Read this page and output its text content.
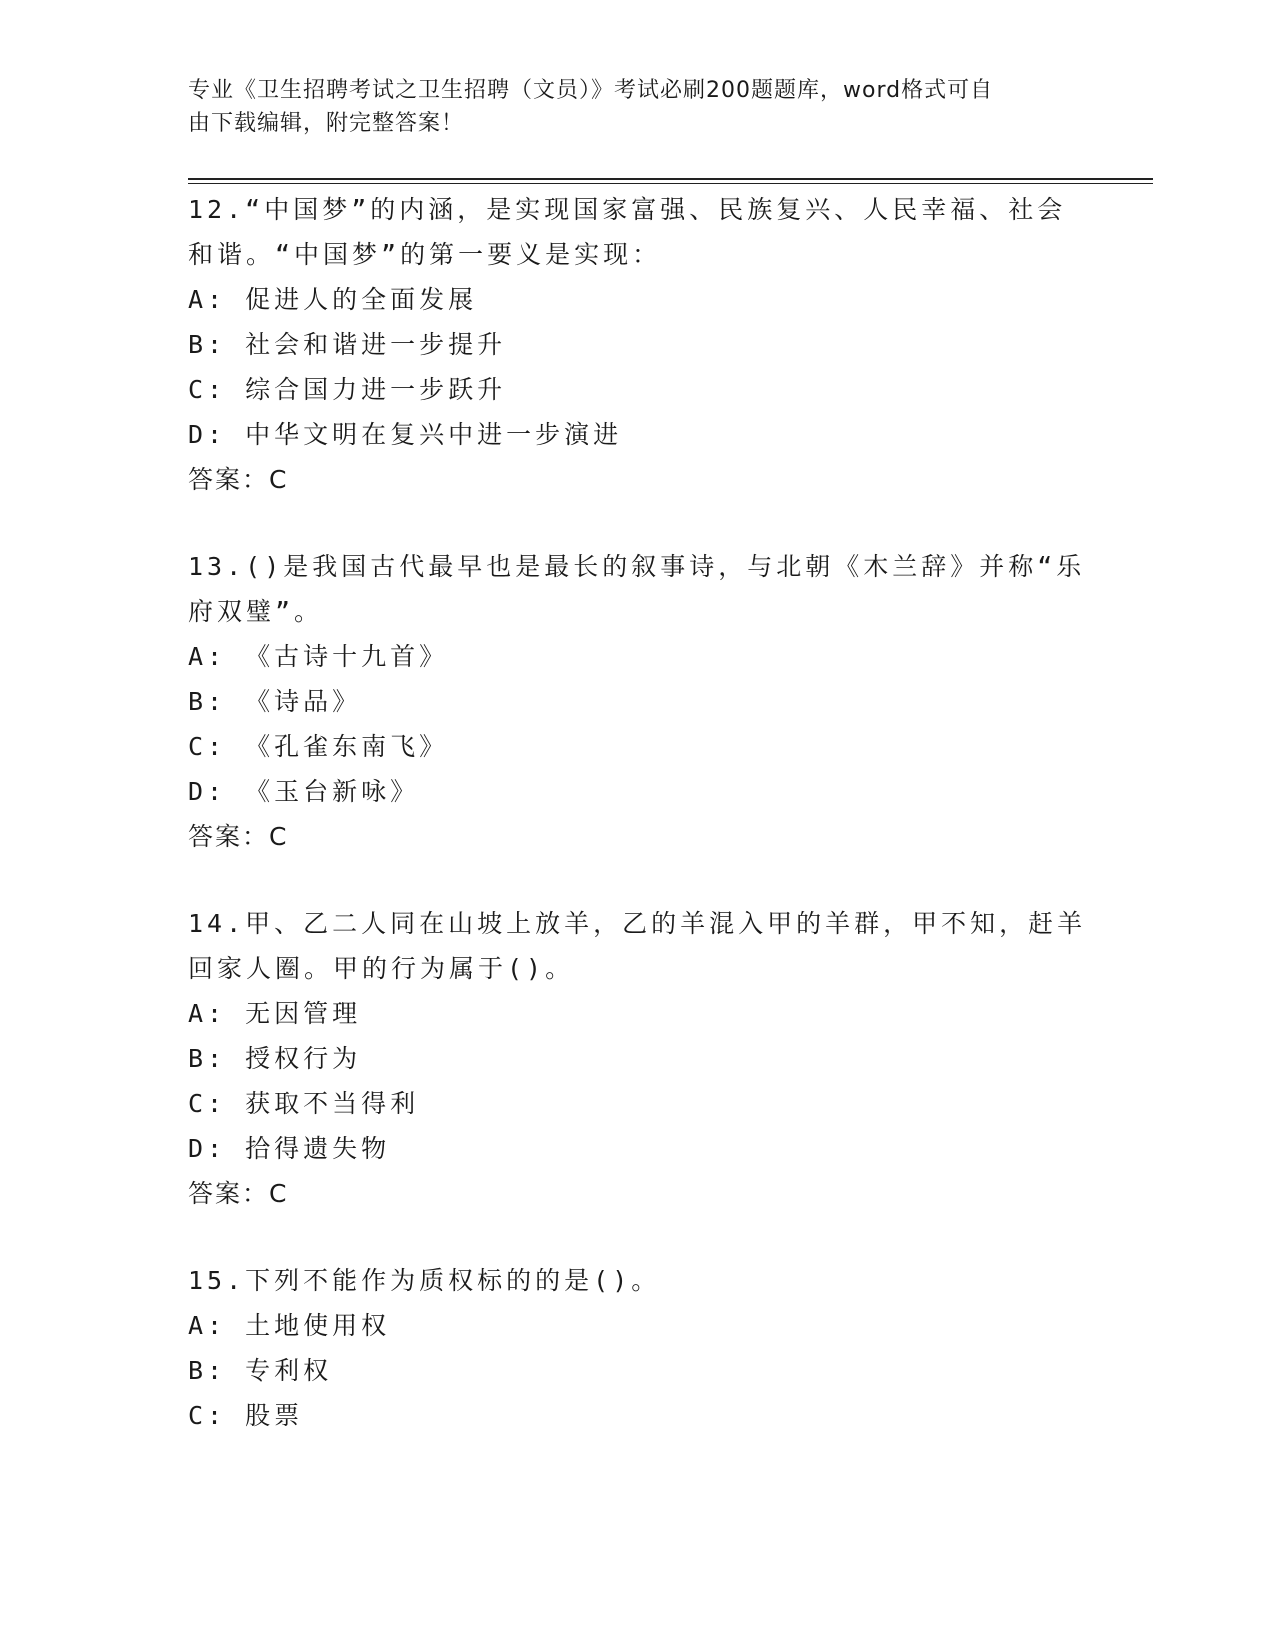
专业《卫生招聘考试之卫生招聘（文员）》考试必刷200题题库，word格式可自
由下载编辑，附完整答案！

12.“中国梦”的内涵，是实现国家富强、民族复兴、人民幸福、社会和谐。“中国梦”的第一要义是实现：

A: 促进人的全面发展

B: 社会和谐进一步提升

C: 综合国力进一步跃升

D: 中华文明在复兴中进一步演进

答案：C

13.()是我国古代最早也是最长的叙事诗，与北朝《木兰辞》并称“乐府双璧”。

A: 《古诗十九首》

B: 《诗品》

C: 《孔雀东南飞》

D: 《玉台新咏》

答案：C

14.甲、乙二人同在山坡上放羊，乙的羊混入甲的羊群，甲不知，赶羊回家人圈。甲的行为属于()。

A: 无因管理

B: 授权行为

C: 获取不当得利

D: 拾得遗失物

答案：C

15.下列不能作为质权标的的是()。

A: 土地使用权

B: 专利权

C: 股票
